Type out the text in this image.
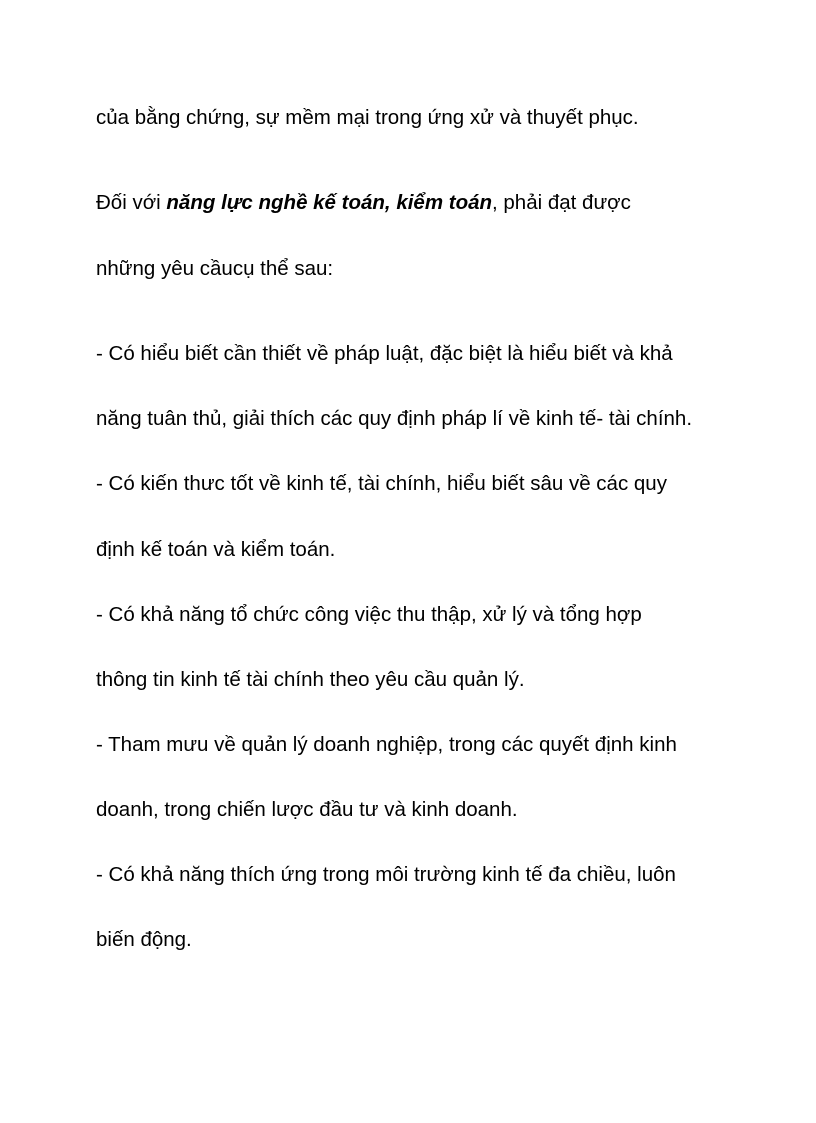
của bằng chứng, sự mềm mại trong ứng xử và thuyết phục.
Đối với năng lực nghề kế toán, kiểm toán, phải đạt được
những yêu cầucụ thể sau:
- Có hiểu biết cần thiết về pháp luật, đặc biệt là hiểu biết và khả
năng tuân thủ, giải thích các quy định pháp lí về kinh tế- tài chính.
- Có kiến thưc tốt về kinh tế, tài chính, hiểu biết sâu về các quy
định kế toán và kiểm toán.
- Có khả năng tổ chức công việc thu thập, xử lý và tổng hợp
thông tin kinh tế tài chính theo yêu cầu quản lý.
- Tham mưu về quản lý doanh nghiệp, trong các quyết định kinh
doanh, trong chiến lược đầu tư và kinh doanh.
- Có khả năng thích ứng trong môi trường kinh tế đa chiều, luôn
biến động.
